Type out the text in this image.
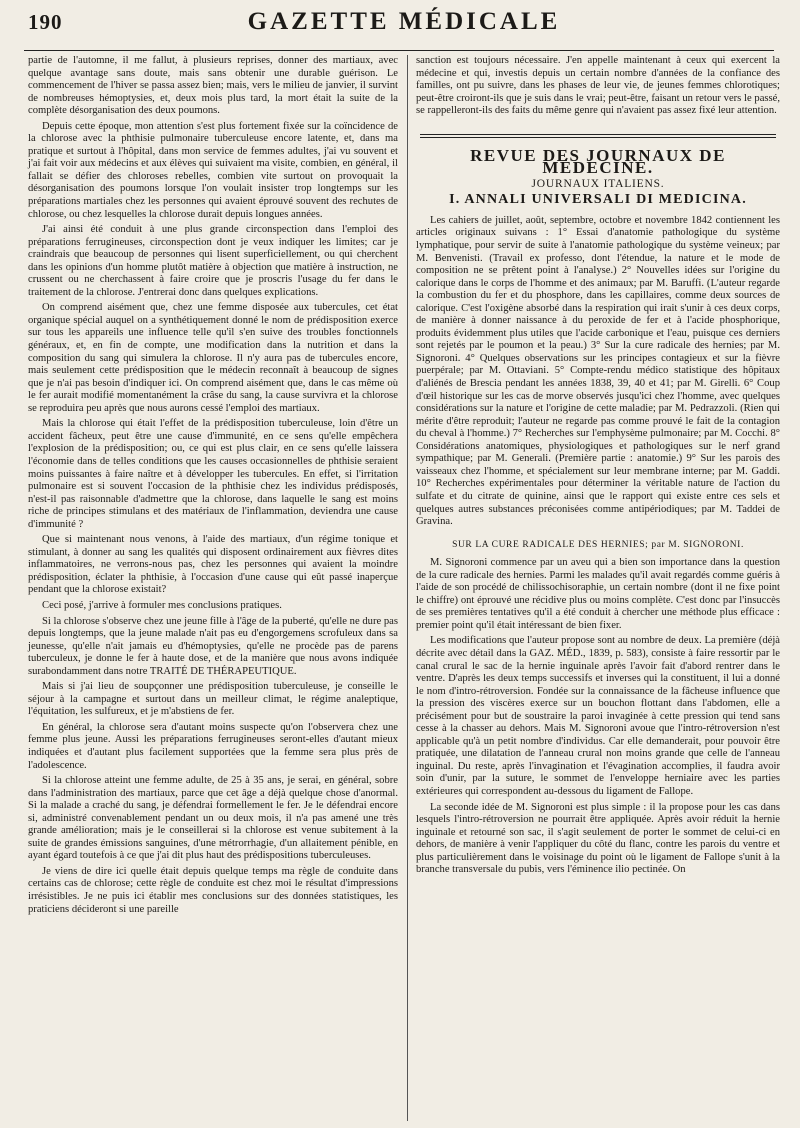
190	GAZETTE MÉDICALE

partie de l'automne, il me fallut, à plusieurs reprises, donner des martiaux, avec quelque avantage sans doute, mais sans obtenir une durable guérison. Le commencement de l'hiver se passa assez bien; mais, vers le milieu de janvier, il survint de nombreuses hémoptysies, et, deux mois plus tard, la mort était la suite de la complète désorganisation des deux poumons.

Depuis cette époque, mon attention s'est plus fortement fixée sur la coïncidence de la chlorose avec la phthisie pulmonaire tuberculeuse encore latente, et, dans ma pratique et surtout à l'hôpital, dans mon service de femmes adultes, j'ai vu souvent et j'ai fait voir aux médecins et aux élèves qui suivaient ma visite, combien, en général, il fallait se défier des chloroses rebelles, combien vite surtout on provoquait la désorganisation des poumons lorsque l'on voulait insister trop longtemps sur les préparations martiales chez les personnes qui avaient éprouvé souvent des rechutes de chlorose, ou chez lesquelles la chlorose durait depuis longues années.

J'ai ainsi été conduit à une plus grande circonspection dans l'emploi des préparations ferrugineuses, circonspection dont je veux indiquer les limites; car je craindrais que beaucoup de personnes qui lisent superficiellement, ou qui cherchent dans les opinions d'un homme plutôt matière à objection que matière à instruction, ne crussent ou ne cherchassent à faire croire que je proscris l'usage du fer dans le traitement de la chlorose. J'entrerai donc dans quelques explications.

On comprend aisément que, chez une femme disposée aux tubercules, cet état organique spécial auquel on a synthétiquement donné le nom de prédisposition exerce sur tous les appareils une influence telle qu'il s'en suive des troubles fonctionnels généraux, et, en fin de compte, une modification dans la nutrition et dans la composition du sang qui simulera la chlorose. Il n'y aura pas de tubercules encore, mais seulement cette prédisposition que le médecin reconnaît à beaucoup de signes que je n'ai pas besoin d'indiquer ici. On comprend aisément que, dans le cas même où le fer aurait modifié momentanément la crâse du sang, la cause survivra et la chlorose se reproduira peu après que nous aurons cessé l'emploi des martiaux.

Mais la chlorose qui était l'effet de la prédisposition tuberculeuse, loin d'être un accident fâcheux, peut être une cause d'immunité, en ce sens qu'elle empêchera l'explosion de la prédisposition; ou, ce qui est plus clair, en ce sens qu'elle laissera l'économie dans de telles conditions que les causes occasionnelles de phthisie seraient moins puissantes à faire naître et à développer les tubercules. En effet, si l'irritation pulmonaire est si souvent l'occasion de la phthisie chez les individus prédisposés, n'est-il pas raisonnable d'admettre que la chlorose, dans laquelle le sang est moins riche de principes stimulans et des matériaux de l'inflammation, deviendra une cause d'immunité ?

Que si maintenant nous venons, à l'aide des martiaux, d'un régime tonique et stimulant, à donner au sang les qualités qui disposent ordinairement aux fièvres dites inflammatoires, ne verrons-nous pas, chez les personnes qui avaient la moindre prédisposition, éclater la phthisie, à l'occasion d'une cause qui eût passé inaperçue pendant que la chlorose existait?

Ceci posé, j'arrive à formuler mes conclusions pratiques.

Si la chlorose s'observe chez une jeune fille à l'âge de la puberté, qu'elle ne dure pas depuis longtemps, que la jeune malade n'ait pas eu d'engorgemens scrofuleux dans sa jeunesse, qu'elle n'ait jamais eu d'hémoptysies, qu'elle ne procède pas de parens tuberculeux, je donne le fer à haute dose, et de la manière que nous avons indiquée surabondamment dans notre TRAITÉ DE THÉRAPEUTIQUE.

Mais si j'ai lieu de soupçonner une prédisposition tuberculeuse, je conseille le séjour à la campagne et surtout dans un meilleur climat, le régime analeptique, l'équitation, les sulfureux, et je m'abstiens de fer.

En général, la chlorose sera d'autant moins suspecte qu'on l'observera chez une femme plus jeune. Aussi les préparations ferrugineuses seront-elles d'autant mieux indiquées et d'autant plus facilement supportées que la femme sera plus près de l'adolescence.

Si la chlorose atteint une femme adulte, de 25 à 35 ans, je serai, en général, sobre dans l'administration des martiaux, parce que cet âge a déjà quelque chose d'anormal. Si la malade a craché du sang, je défendrai formellement le fer. Je le défendrai encore si, administré convenablement pendant un ou deux mois, il n'a pas amené une très grande amélioration; mais je le conseillerai si la chlorose est venue subitement à la suite de grandes émissions sanguines, d'une métrorrhagie, d'un allaitement pénible, en ayant égard toutefois à ce que j'ai dit plus haut des prédispositions tuberculeuses.

Je viens de dire ici quelle était depuis quelque temps ma règle de conduite dans certains cas de chlorose; cette règle de conduite est chez moi le résultat d'impressions irrésistibles. Je ne puis ici établir mes conclusions sur des données statistiques, les praticiens décideront si une pareille

sanction est toujours nécessaire. J'en appelle maintenant à ceux qui exercent la médecine et qui, investis depuis un certain nombre d'années de la confiance des familles, ont pu suivre, dans les phases de leur vie, de jeunes femmes chlorotiques; peut-être croiront-ils que je suis dans le vrai; peut-être, faisant un retour vers le passé, se rappelleront-ils des faits du même genre qui n'avaient pas assez fixé leur attention.

REVUE DES JOURNAUX DE MÉDECINE.
JOURNAUX ITALIENS.
I. ANNALI UNIVERSALI DI MEDICINA.

Les cahiers de juillet, août, septembre, octobre et novembre 1842 contiennent les articles originaux suivans : 1° Essai d'anatomie pathologique du système lymphatique, pour servir de suite à l'anatomie pathologique du système veineux; par M. Benvenisti. (Travail ex professo, dont l'étendue, la nature et le mode de composition ne se prêtent point à l'analyse.) 2° Nouvelles idées sur l'origine du calorique dans le corps de l'homme et des animaux; par M. Baruffi. (L'auteur regarde la combustion du fer et du phosphore, dans les capillaires, comme deux sources de calorique. C'est l'oxigène absorbé dans la respiration qui irait s'unir à ces deux corps, de manière à donner naissance à du peroxide de fer et à l'acide phosphorique, produits évidemment plus utiles que l'acide carbonique et l'eau, puisque ces derniers sont rejetés par le poumon et la peau.) 3° Sur la cure radicale des hernies; par M. Signoroni. 4° Quelques observations sur les principes contagieux et sur la fièvre puerpérale; par M. Ottaviani. 5° Compte-rendu médico statistique des hôpitaux d'aliénés de Brescia pendant les années 1838, 39, 40 et 41; par M. Girelli. 6° Coup d'œil historique sur les cas de morve observés jusqu'ici chez l'homme, avec quelques considérations sur la nature et l'origine de cette maladie; par M. Pedrazzoli. (Rien qui mérite d'être reproduit; l'auteur ne regarde pas comme prouvé le fait de la contagion du cheval à l'homme.) 7° Recherches sur l'emphysème pulmonaire; par M. Cocchi. 8° Considérations anatomiques, physiologiques et pathologiques sur le nerf grand sympathique; par M. Generali. (Première partie : anatomie.) 9° Sur les parois des vaisseaux chez l'homme, et spécialement sur leur membrane interne; par M. Gaddi. 10° Recherches expérimentales pour déterminer la véritable nature de l'action du sulfate et du citrate de quinine, ainsi que le rapport qui existe entre ces sels et quelques autres substances préconisées comme antipériodiques; par M. Taddei de Gravina.

SUR LA CURE RADICALE DES HERNIES; par M. SIGNORONI.

M. Signoroni commence par un aveu qui a bien son importance dans la question de la cure radicale des hernies. Parmi les malades qu'il avait regardés comme guéris à l'aide de son procédé de chilissochisoraphie, un certain nombre (dont il ne fixe point le chiffre) ont éprouvé une récidive plus ou moins complète. C'est donc par l'insuccès de ses premières tentatives qu'il a été conduit à chercher une méthode plus efficace : premier point qu'il était intéressant de bien fixer.

Les modifications que l'auteur propose sont au nombre de deux. La première (déjà décrite avec détail dans la GAZ. MÉD., 1839, p. 583), consiste à faire ressortir par le canal crural le sac de la hernie inguinale après l'avoir fait d'abord rentrer dans le ventre. D'après les deux temps successifs et inverses qui la constituent, il lui a donné le nom d'intro-rétroversion. Fondée sur la connaissance de la fâcheuse influence que la pression des viscères exerce sur un bouchon flottant dans l'abdomen, elle a précisément pour but de soustraire la paroi invaginée à cette pression qui tend sans cesse à la chasser au dehors. Mais M. Signoroni avoue que l'intro-rétroversion n'est applicable qu'à un petit nombre d'individus. Car elle demanderait, pour pouvoir être pratiquée, une dilatation de l'anneau crural non moins grande que celle de l'anneau inguinal. Du reste, après l'invagination et l'évagination accomplies, il faudra avoir soin d'unir, par la suture, le sommet de l'enveloppe herniaire avec les parties extérieures qui correspondent au-dessous du ligament de Fallope.

La seconde idée de M. Signoroni est plus simple : il la propose pour les cas dans lesquels l'intro-rétroversion ne pourrait être appliquée. Après avoir réduit la hernie inguinale et retourné son sac, il s'agit seulement de porter le sommet de celui-ci en dehors, de manière à venir l'appliquer du côté du flanc, contre les parois du ventre et plus particulièrement dans le voisinage du point où le ligament de Fallope s'unit à la branche transversale du pubis, vers l'éminence ilio pectinée. On
